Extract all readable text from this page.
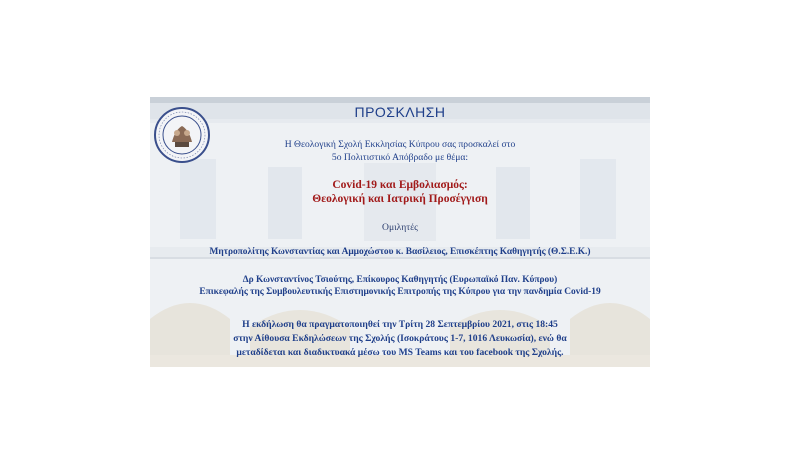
ΠΡΟΣΚΛΗΣΗ
Η Θεολογική Σχολή Εκκλησίας Κύπρου σας προσκαλεί στο
5ο Πολιτιστικό Απόβραδο με θέμα:
Covid-19 και Εμβολιασμός:
Θεολογική και Ιατρική Προσέγγιση
Ομιλητές
Μητροπολίτης Κωνσταντίας και Αμμοχώστου κ. Βασίλειος, Επισκέπτης Καθηγητής (Θ.Σ.Ε.Κ.)
Δρ Κωνσταντίνος Τσιούτης, Επίκουρος Καθηγητής (Ευρωπαϊκό Παν. Κύπρου)
Επικεφαλής της Συμβουλευτικής Επιστημονικής Επιτροπής της Κύπρου για την πανδημία Covid-19
Η εκδήλωση θα πραγματοποιηθεί την Τρίτη 28 Σεπτεμβρίου 2021, στις 18:45
στην Αίθουσα Εκδηλώσεων της Σχολής (Ισοκράτους 1-7, 1016 Λευκωσία), ενώ θα
μεταδίδεται και διαδικτυακά μέσω του MS Teams και του facebook της Σχολής.
